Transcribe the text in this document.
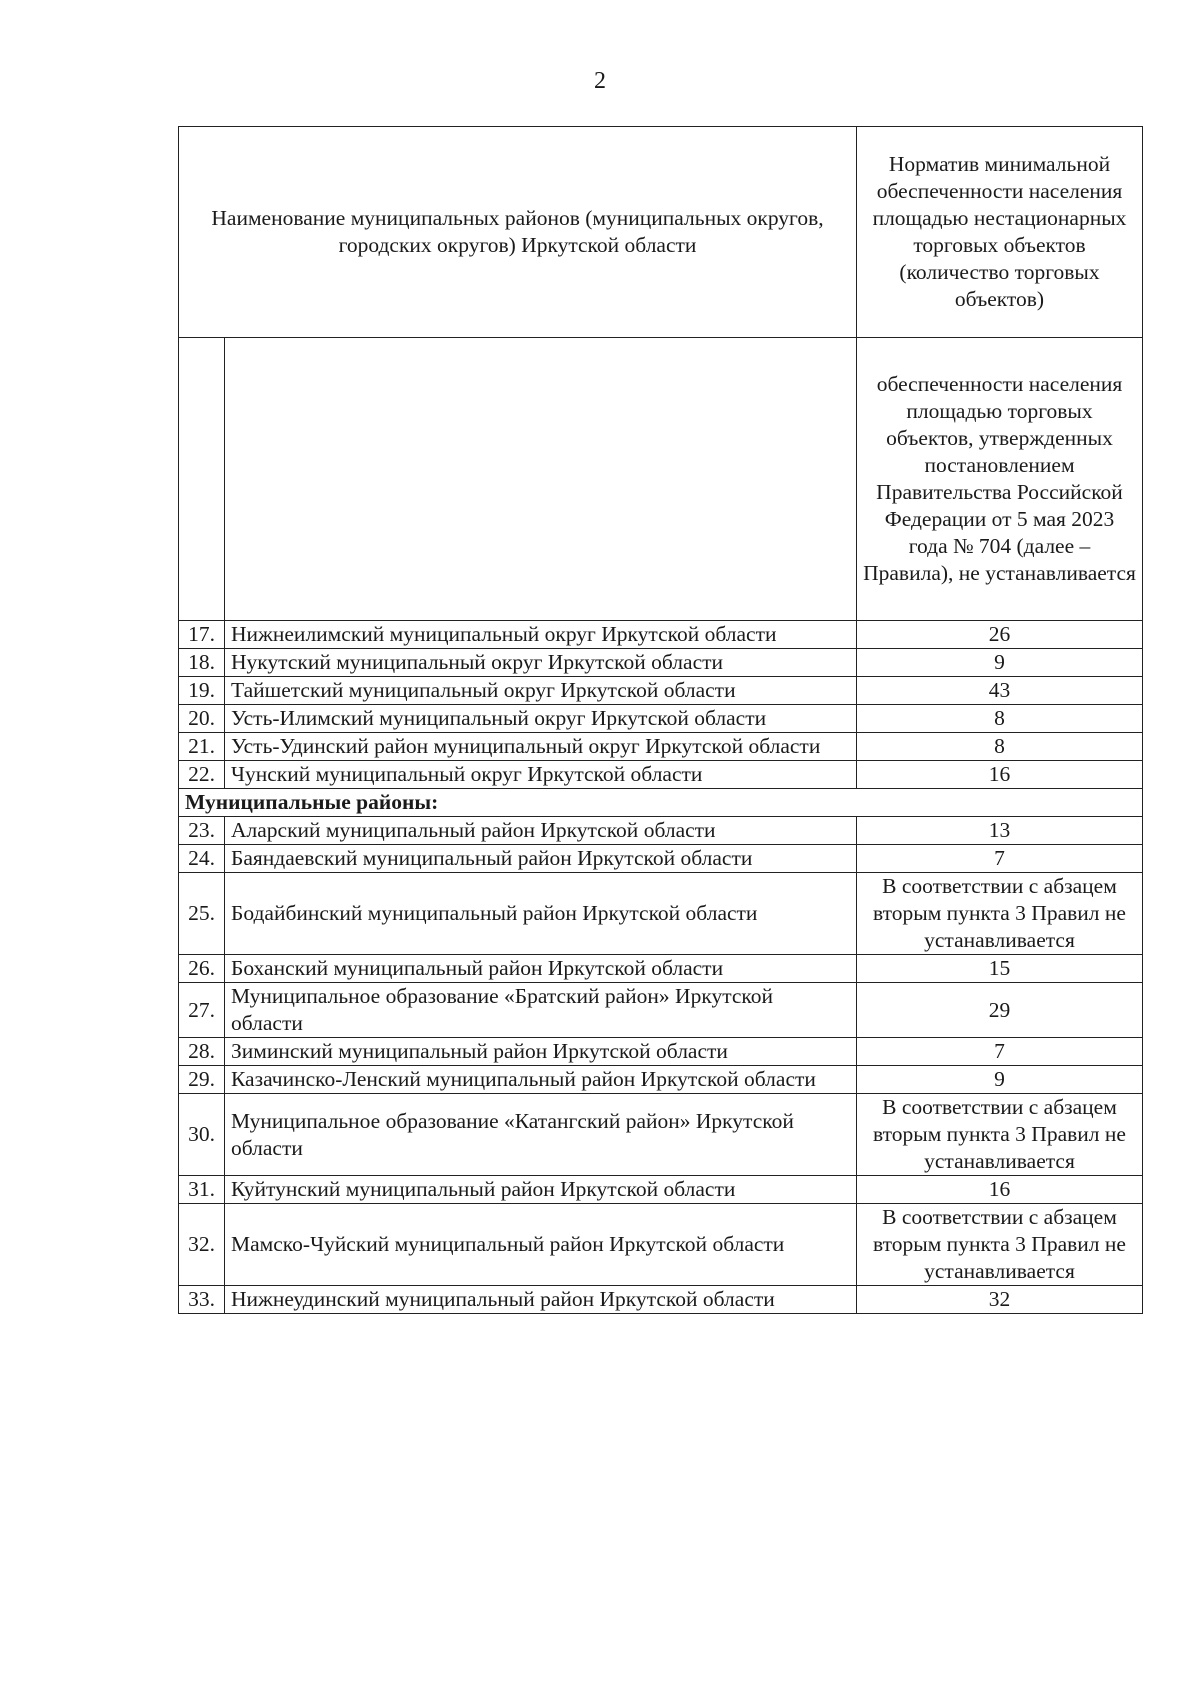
2
Наименование муниципальных районов (муниципальных округов, городских округов) Иркутской области		Норматив минимальной обеспеченности населения площадью нестационарных торговых объектов (количество торговых объектов)
		обеспеченности населения площадью торговых объектов, утвержденных постановлением Правительства Российской Федерации от 5 мая 2023 года № 704 (далее – Правила), не устанавливается
17.	Нижнеилимский муниципальный округ Иркутской области	26
18.	Нукутский муниципальный округ Иркутской области	9
19.	Тайшетский муниципальный округ Иркутской области	43
20.	Усть-Илимский муниципальный округ Иркутской области	8
21.	Усть-Удинский район муниципальный округ Иркутской области	8
22.	Чунский муниципальный округ Иркутской области	16
Муниципальные районы:		
23.	Аларский муниципальный район Иркутской области	13
24.	Баяндаевский муниципальный район Иркутской области	7
25.	Бодайбинский муниципальный район Иркутской области	В соответствии с абзацем вторым пункта 3 Правил не устанавливается
26.	Боханский муниципальный район Иркутской области	15
27.	Муниципальное образование «Братский район» Иркутской области	29
28.	Зиминский муниципальный район Иркутской области	7
29.	Казачинско-Ленский муниципальный район Иркутской области	9
30.	Муниципальное образование «Катангский район» Иркутской области	В соответствии с абзацем вторым пункта 3 Правил не устанавливается
31.	Куйтунский муниципальный район Иркутской области	16
32.	Мамско-Чуйский муниципальный район Иркутской области	В соответствии с абзацем вторым пункта 3 Правил не устанавливается
33.	Нижнеудинский муниципальный район Иркутской области	32
